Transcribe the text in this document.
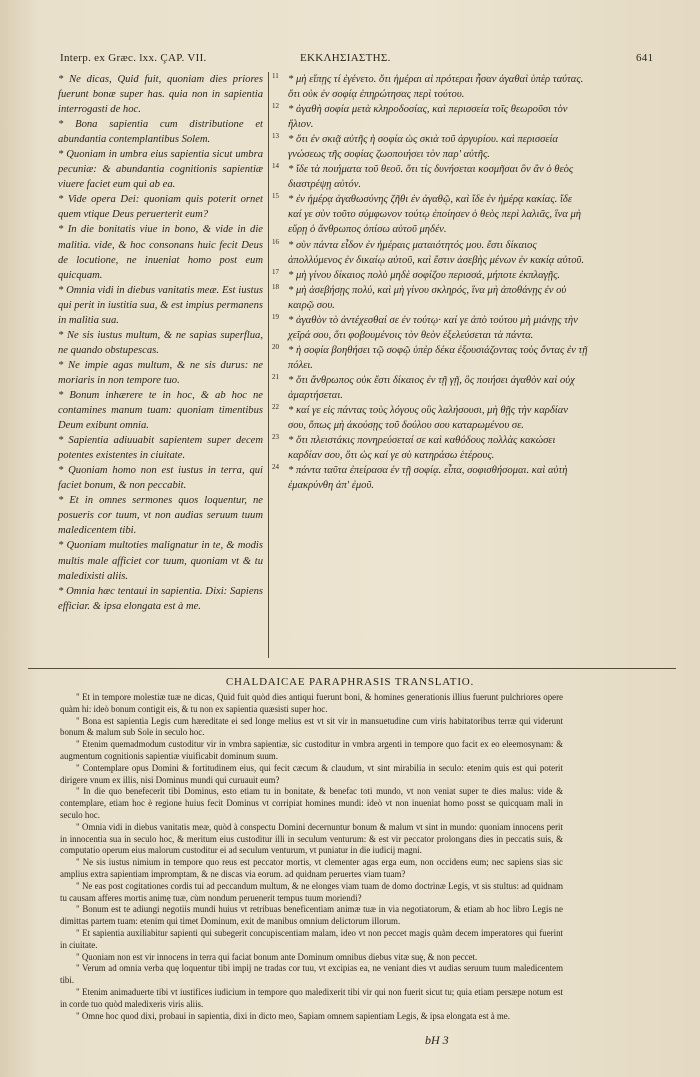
Interp. ex Græc. lxx. ÇAP. VII.	ΕΚΚΛΗΣΙΑΣΤΗΣ.	641

* Ne dicas, Quid fuit, quoniam dies priores fuerunt bonæ super has. quia non in sapientia interrogasti de hoc.

* Bona sapientia cum distributione et abundantia contemplantibus Solem.

* Quoniam in umbra eius sapientia sicut umbra pecuniæ: & abundantia cognitionis sapientiæ viuere faciet eum qui ab ea.

* Vide opera Dei: quoniam quis poterit ornet quem vtique Deus peruerterit eum?

* In die bonitatis viue in bono, & vide in die malitia. vide, & hoc consonans huic fecit Deus de locutione, ne inueniat homo post eum quicquam.

* Omnia vidi in diebus vanitatis meæ. Est iustus qui perit in iustitia sua, & est impius permanens in malitia sua.

* Ne sis iustus multum, & ne sapias superflua, ne quando obstupescas.

* Ne impie agas multum, & ne sis durus: ne moriaris in non tempore tuo.

* Bonum inhærere te in hoc, & ab hoc ne contamines manum tuam: quoniam timentibus Deum exibunt omnia.

* Sapientia adiuuabit sapientem super decem potentes existentes in ciuitate.

* Quoniam homo non est iustus in terra, qui faciet bonum, & non peccabit.

* Et in omnes sermones quos loquentur, ne posueris cor tuum, vt non audias seruum tuum maledicentem tibi.

* Quoniam multoties malignatur in te, & modis multis male afficiet cor tuum, quoniam vt & tu maledixisti aliis.

* Omnia hæc tentaui in sapientia. Dixi: Sapiens efficiar. & ipsa elongata est à me.

11 * μὴ εἴπῃς τί ἐγένετο. ὅτι ἡμέραι αἱ πρότεραι ἦσαν ἀγαθαὶ ὑπὲρ ταύτας. ὅτι οὐκ ἐν σοφίᾳ ἐπηρώτησας περὶ τούτου.

12 * ἀγαθὴ σοφία μετὰ κληροδοσίας, καὶ περισσεία τοῖς θεωροῦσι τὸν ἥλιον.

13 * ὅτι ἐν σκιᾷ αὐτῆς ἡ σοφία ὡς σκιὰ τοῦ ἀργυρίου. καὶ περισσεία γνώσεως τῆς σοφίας ζωοποιήσει τὸν παρ' αὐτῆς.

14 * ἴδε τὰ ποιήματα τοῦ θεοῦ. ὅτι τίς δυνήσεται κοσμῆσαι ὃν ἂν ὁ θεὸς διαστρέψῃ αὐτόν.

15 * ἐν ἡμέρᾳ ἀγαθωσύνης ζῆθι ἐν ἀγαθῷ, καὶ ἴδε ἐν ἡμέρᾳ κακίας. ἴδε καί γε σὺν τοῦτο σύμφωνον τούτῳ ἐποίησεν ὁ θεὸς περὶ λαλιᾶς, ἵνα μὴ εὕρῃ ὁ ἄνθρωπος ὀπίσω αὐτοῦ μηδέν.

16 * σὺν πάντα εἶδον ἐν ἡμέραις ματαιότητός μου. ἔστι δίκαιος ἀπολλύμενος ἐν δικαίῳ αὐτοῦ, καὶ ἔστιν ἀσεβὴς μένων ἐν κακίᾳ αὐτοῦ.

17 * μὴ γίνου δίκαιος πολὺ μηδὲ σοφίζου περισσά, μήποτε ἐκπλαγῇς.

18 * μὴ ἀσεβήσῃς πολύ, καὶ μὴ γίνου σκληρός, ἵνα μὴ ἀποθάνῃς ἐν οὐ καιρῷ σου.

19 * ἀγαθὸν τὸ ἀντέχεσθαί σε ἐν τούτῳ· καί γε ἀπὸ τούτου μὴ μιάνῃς τὴν χεῖρά σου, ὅτι φοβουμένοις τὸν θεὸν ἐξελεύσεται τὰ πάντα.

20 * ἡ σοφία βοηθήσει τῷ σοφῷ ὑπὲρ δέκα ἐξουσιάζοντας τοὺς ὄντας ἐν τῇ πόλει.

21 * ὅτι ἄνθρωπος οὐκ ἔστι δίκαιος ἐν τῇ γῇ, ὃς ποιήσει ἀγαθὸν καὶ οὐχ ἁμαρτήσεται.

22 * καί γε εἰς πάντας τοὺς λόγους οὓς λαλήσουσι, μὴ θῇς τὴν καρδίαν σου, ὅπως μὴ ἀκούσῃς τοῦ δούλου σου καταρωμένου σε.

23 * ὅτι πλειστάκις πονηρεύσεταί σε καὶ καθόδους πολλὰς κακώσει καρδίαν σου, ὅτι ὡς καί γε σὺ κατηράσω ἑτέρους.

24 * πάντα ταῦτα ἐπείρασα ἐν τῇ σοφίᾳ. εἶπα, σοφισθήσομαι. καὶ αὐτὴ ἐμακρύνθη ἀπ' ἐμοῦ.

CHALDAICAE PARAPHRASIS TRANSLATIO.

" Et in tempore molestiæ tuæ ne dicas, Quid fuit quòd dies antiqui fuerunt boni, & homines generationis illius fuerunt pulchriores opere quàm hi: ideò bonum contigit eis, & tu non ex sapientia quæsisti super hoc.

" Bona est sapientia Legis cum hæreditate ei sed longe melius est vt sit vir in mansuetudine cum viris habitatoribus terræ qui viderunt bonum & malum sub Sole in seculo hoc.

" Etenim quemadmodum custoditur vir in vmbra sapientiæ, sic custoditur in vmbra argenti in tempore quo facit ex eo eleemosynam: & augmentum cognitionis sapientiæ viuificabit dominum suum.

" Contemplare opus Domini & fortitudinem eius, qui fecit cæcum & claudum, vt sint mirabilia in seculo: etenim quis est qui poterit dirigere vnum ex illis, nisi Dominus mundi qui curuauit eum?

" In die quo benefecerit tibi Dominus, esto etiam tu in bonitate, & benefac toti mundo, vt non veniat super te dies malus: vide & contemplare, etiam hoc è regione huius fecit Dominus vt corripiat homines mundi: ideò vt non inueniat homo posst se quicquam mali in seculo hoc.

" Omnia vidi in diebus vanitatis meæ, quòd à conspectu Domini decernuntur bonum & malum vt sint in mundo: quoniam innocens perit in innocentia sua in seculo hoc, & meritum eius custoditur illi in seculum venturum: & est vir peccator prolongans dies in peccatis suis, & computatio operum eius malorum custoditur ei ad seculum venturum, vt puniatur in die iudicij magni.

" Ne sis iustus nimium in tempore quo reus est peccator mortis, vt clementer agas erga eum, non occidens eum; nec sapiens sias sic amplius extra sapientiam impromptam, & ne discas via eorum. ad quidnam peruertes viam tuam?

" Ne eas post cogitationes cordis tui ad peccandum multum, & ne elonges viam tuam de domo doctrinæ Legis, vt sis stultus: ad quidnam tu causam afferes mortis animę tuæ, cùm nondum peruenerit tempus tuum moriendi?

" Bonum est te adiungi negotiis mundi huius vt retribuas beneficentiam animæ tuæ in via negotiatorum, & etiam ab hoc libro Legis ne dimittas partem tuam: etenim qui timet Dominum, exit de manibus omnium delictorum illorum.

" Et sapientia auxiliabitur sapienti qui subegerit concupiscentiam malam, ideo vt non peccet magis quàm decem imperatores qui fuerint in ciuitate.

" Quoniam non est vir innocens in terra qui faciat bonum ante Dominum omnibus diebus vitæ suę, & non peccet.

" Verum ad omnia verba quę loquentur tibi impij ne tradas cor tuu, vt excipias ea, ne veniant dies vt audias seruum tuum maledicentem tibi.

" Etenim animaduerte tibi vt iustifices iudicium in tempore quo maledixerit tibi vir qui non fuerit sicut tu; quia etiam persæpe notum est in corde tuo quòd maledixeris viris aliis.

" Omne hoc quod dixi, probaui in sapientia, dixi in dicto meo, Sapiam omnem sapientiam Legis, & ipsa elongata est à me.

bH 3
